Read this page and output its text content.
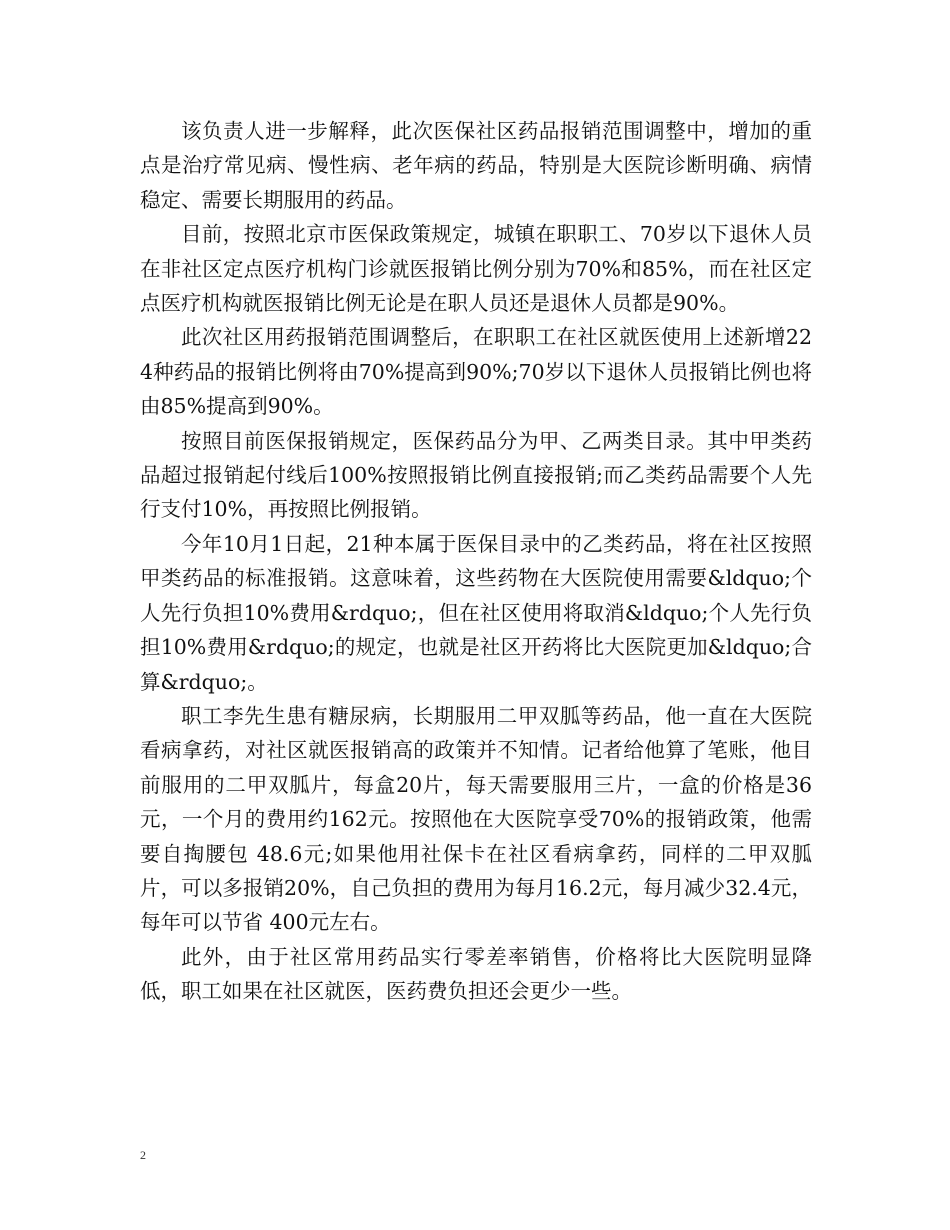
该负责人进一步解释，此次医保社区药品报销范围调整中，增加的重点是治疗常见病、慢性病、老年病的药品，特别是大医院诊断明确、病情稳定、需要长期服用的药品。

目前，按照北京市医保政策规定，城镇在职职工、70岁以下退休人员在非社区定点医疗机构门诊就医报销比例分别为70%和85%，而在社区定点医疗机构就医报销比例无论是在职人员还是退休人员都是90%。

此次社区用药报销范围调整后，在职职工在社区就医使用上述新增224种药品的报销比例将由70%提高到90%;70岁以下退休人员报销比例也将由85%提高到90%。

按照目前医保报销规定，医保药品分为甲、乙两类目录。其中甲类药品超过报销起付线后100%按照报销比例直接报销;而乙类药品需要个人先行支付10%，再按照比例报销。

今年10月1日起，21种本属于医保目录中的乙类药品，将在社区按照甲类药品的标准报销。这意味着，这些药物在大医院使用需要&ldquo;个人先行负担10%费用&rdquo;，但在社区使用将取消&ldquo;个人先行负担10%费用&rdquo;的规定，也就是社区开药将比大医院更加&ldquo;合算&rdquo;。

职工李先生患有糖尿病，长期服用二甲双胍等药品，他一直在大医院看病拿药，对社区就医报销高的政策并不知情。记者给他算了笔账，他目前服用的二甲双胍片，每盒20片，每天需要服用三片，一盒的价格是36元，一个月的费用约162元。按照他在大医院享受70%的报销政策，他需要自掏腰包 48.6元;如果他用社保卡在社区看病拿药，同样的二甲双胍片，可以多报销20%，自己负担的费用为每月16.2元，每月减少32.4元，每年可以节省 400元左右。

此外，由于社区常用药品实行零差率销售，价格将比大医院明显降低，职工如果在社区就医，医药费负担还会更少一些。

2
